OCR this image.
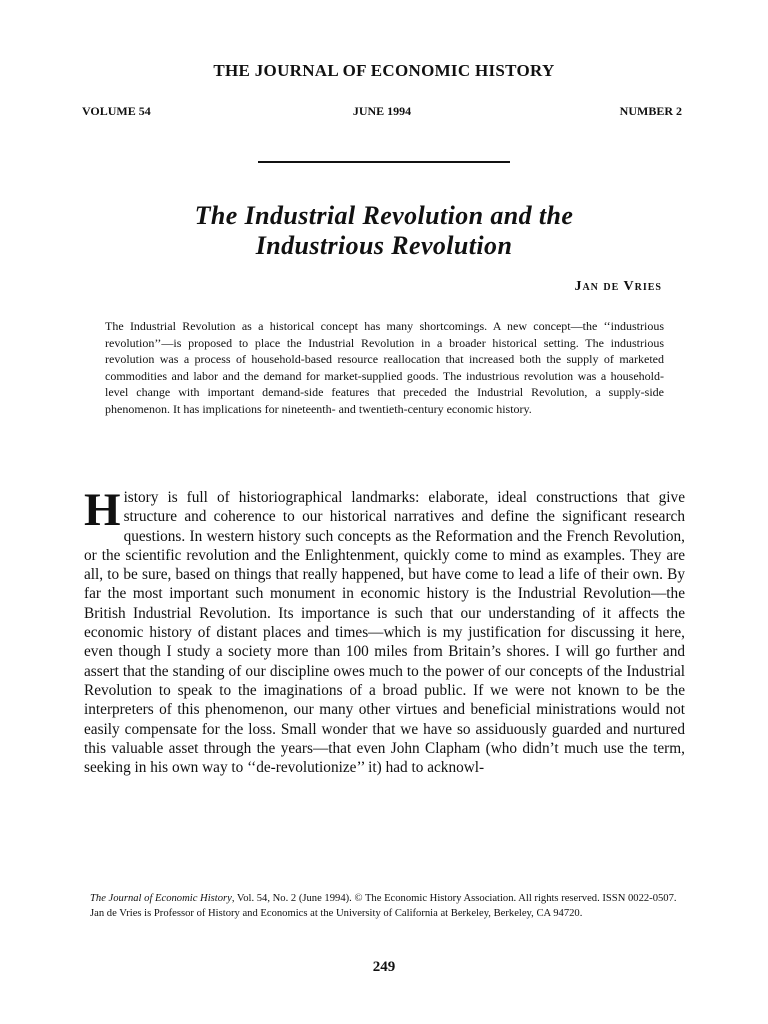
THE JOURNAL OF ECONOMIC HISTORY
VOLUME 54	JUNE 1994	NUMBER 2
The Industrial Revolution and the
Industrious Revolution
Jan de Vries

The Industrial Revolution as a historical concept has many shortcomings. A new concept—the ‘‘industrious revolution’’—is proposed to place the Industrial Revolution in a broader historical setting. The industrious revolution was a process of household-based resource reallocation that increased both the supply of marketed commodities and labor and the demand for market-supplied goods. The industrious revolution was a household-level change with important demand-side features that preceded the Industrial Revolution, a supply-side phenomenon. It has implications for nineteenth- and twentieth-century economic history.

History is full of historiographical landmarks: elaborate, ideal constructions that give structure and coherence to our historical narratives and define the significant research questions. In western history such concepts as the Reformation and the French Revolution, or the scientific revolution and the Enlightenment, quickly come to mind as examples. They are all, to be sure, based on things that really happened, but have come to lead a life of their own. By far the most important such monument in economic history is the Industrial Revolution—the British Industrial Revolution. Its importance is such that our understanding of it affects the economic history of distant places and times—which is my justification for discussing it here, even though I study a society more than 100 miles from Britain’s shores. I will go further and assert that the standing of our discipline owes much to the power of our concepts of the Industrial Revolution to speak to the imaginations of a broad public. If we were not known to be the interpreters of this phenomenon, our many other virtues and beneficial ministrations would not easily compensate for the loss. Small wonder that we have so assiduously guarded and nurtured this valuable asset through the years—that even John Clapham (who didn’t much use the term, seeking in his own way to ‘‘de-revolutionize’’ it) had to acknowl-

The Journal of Economic History, Vol. 54, No. 2 (June 1994). © The Economic History Association. All rights reserved. ISSN 0022-0507.

Jan de Vries is Professor of History and Economics at the University of California at Berkeley, Berkeley, CA 94720.

249
